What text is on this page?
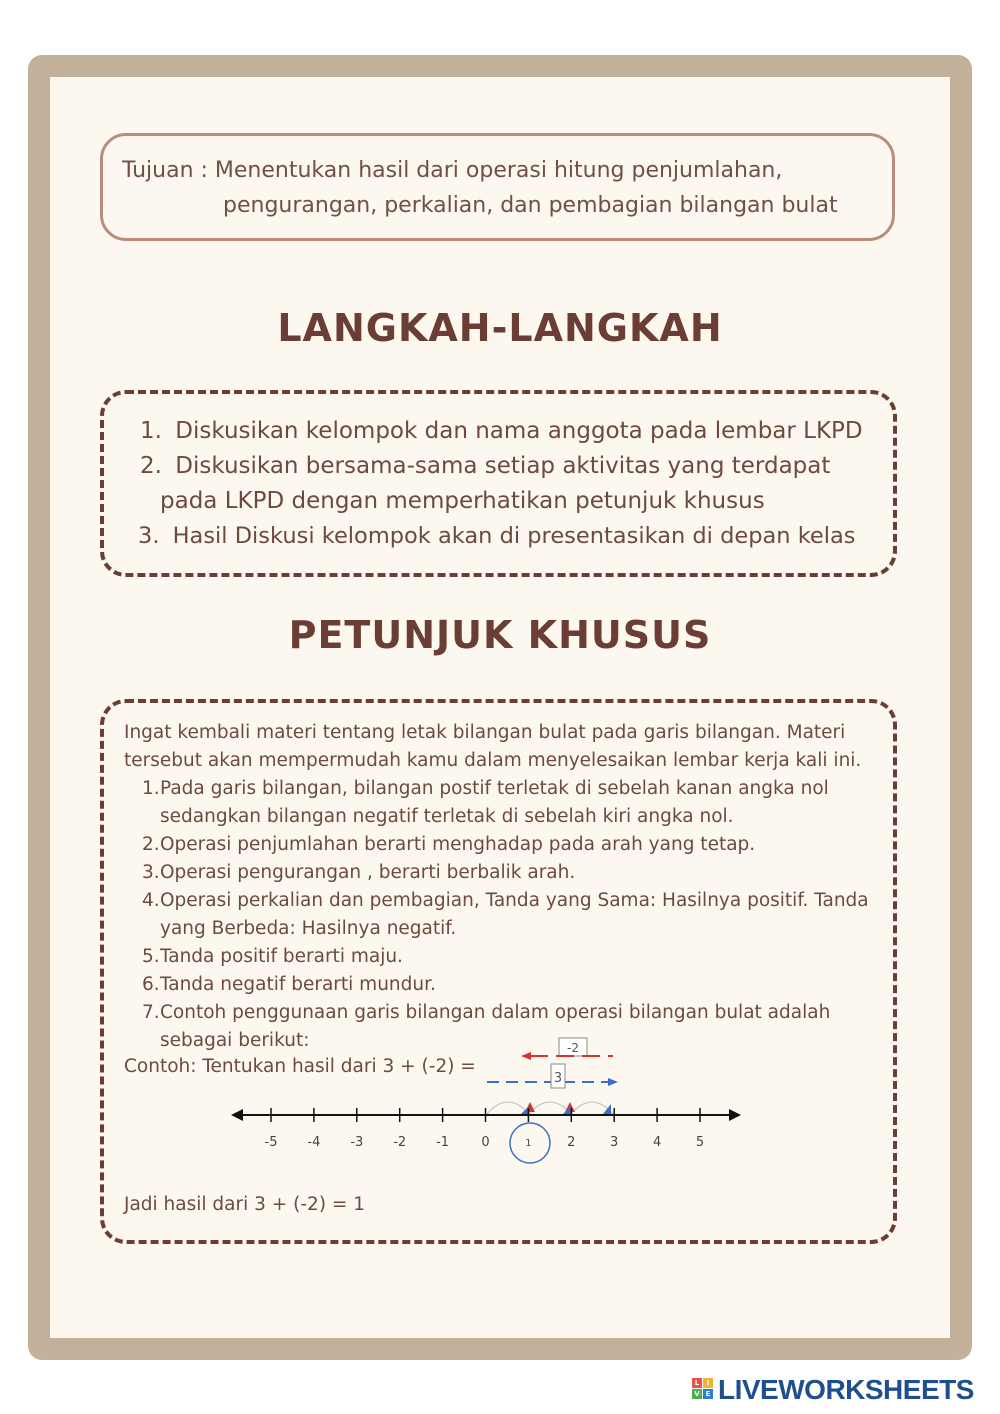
Tujuan : Menentukan hasil dari operasi hitung penjumlahan,
pengurangan, perkalian, dan pembagian bilangan bulat
LANGKAH-LANGKAH
1. Diskusikan kelompok dan nama anggota pada lembar LKPD
2. Diskusikan bersama-sama setiap aktivitas yang terdapat
pada LKPD dengan memperhatikan petunjuk khusus
3. Hasil Diskusi kelompok akan di presentasikan di depan kelas
PETUNJUK KHUSUS
Ingat kembali materi tentang letak bilangan bulat pada garis bilangan. Materi
tersebut akan mempermudah kamu dalam menyelesaikan lembar kerja kali ini.
1. Pada garis bilangan, bilangan postif terletak di sebelah kanan angka nol
sedangkan bilangan negatif terletak di sebelah kiri angka nol.
2. Operasi penjumlahan berarti menghadap pada arah yang tetap.
3. Operasi pengurangan , berarti berbalik arah.
4. Operasi perkalian dan pembagian, Tanda yang Sama: Hasilnya positif. Tanda
yang Berbeda: Hasilnya negatif.
5. Tanda positif berarti maju.
6. Tanda negatif berarti mundur.
7. Contoh penggunaan garis bilangan dalam operasi bilangan bulat adalah
sebagai berikut:
Contoh: Tentukan hasil dari 3 + (-2) =
-2
3
-5 -4 -3 -2 -1 0	1	2	3	4	5
Jadi hasil dari 3 + (-2) = 1
L	I
V E LIVEWORKSHEETS
